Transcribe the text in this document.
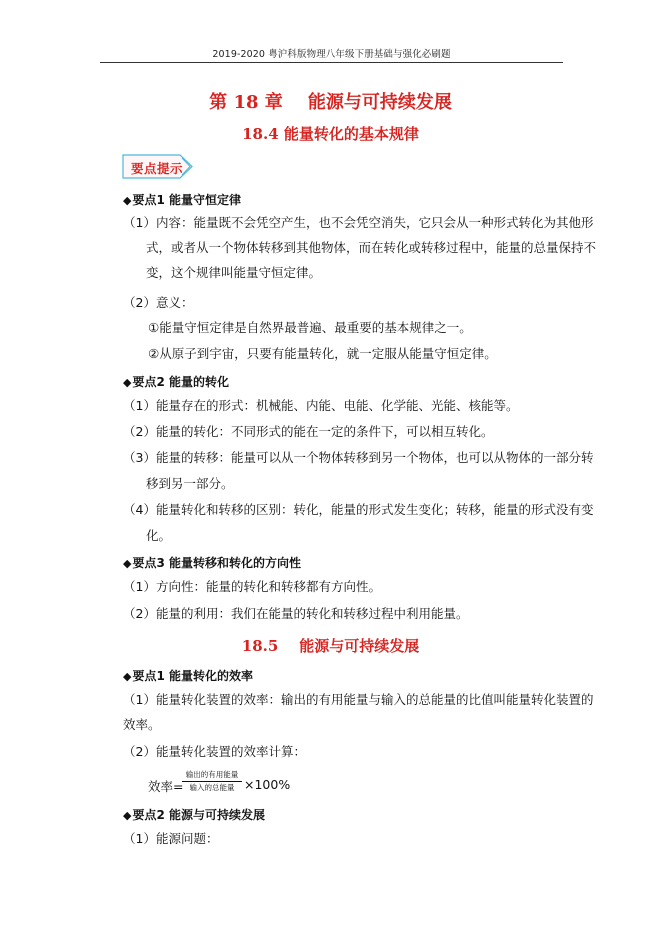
2019-2020 粤沪科版物理八年级下册基础与强化必刷题
第 18 章    能源与可持续发展
18.4 能量转化的基本规律
要点提示
◆要点1 能量守恒定律
（1）内容：能量既不会凭空产生，也不会凭空消失，它只会从一种形式转化为其他形
式，或者从一个物体转移到其他物体，而在转化或转移过程中，能量的总量保持不
变，这个规律叫能量守恒定律。
（2）意义：
①能量守恒定律是自然界最普遍、最重要的基本规律之一。
②从原子到宇宙，只要有能量转化，就一定服从能量守恒定律。
◆要点2 能量的转化
（1）能量存在的形式：机械能、内能、电能、化学能、光能、核能等。
（2）能量的转化：不同形式的能在一定的条件下，可以相互转化。
（3）能量的转移：能量可以从一个物体转移到另一个物体，也可以从物体的一部分转
移到另一部分。
（4）能量转化和转移的区别：转化，能量的形式发生变化；转移，能量的形式没有变
化。
◆要点3 能量转移和转化的方向性
（1）方向性：能量的转化和转移都有方向性。
（2）能量的利用：我们在能量的转化和转移过程中利用能量。
18.5    能源与可持续发展
◆要点1 能量转化的效率
（1）能量转化装置的效率：输出的有用能量与输入的总能量的比值叫能量转化装置的
效率。
（2）能量转化装置的效率计算：
效率=
输出的有用能量
输入的总能量 ×100%
◆要点2 能源与可持续发展
（1）能源问题：
